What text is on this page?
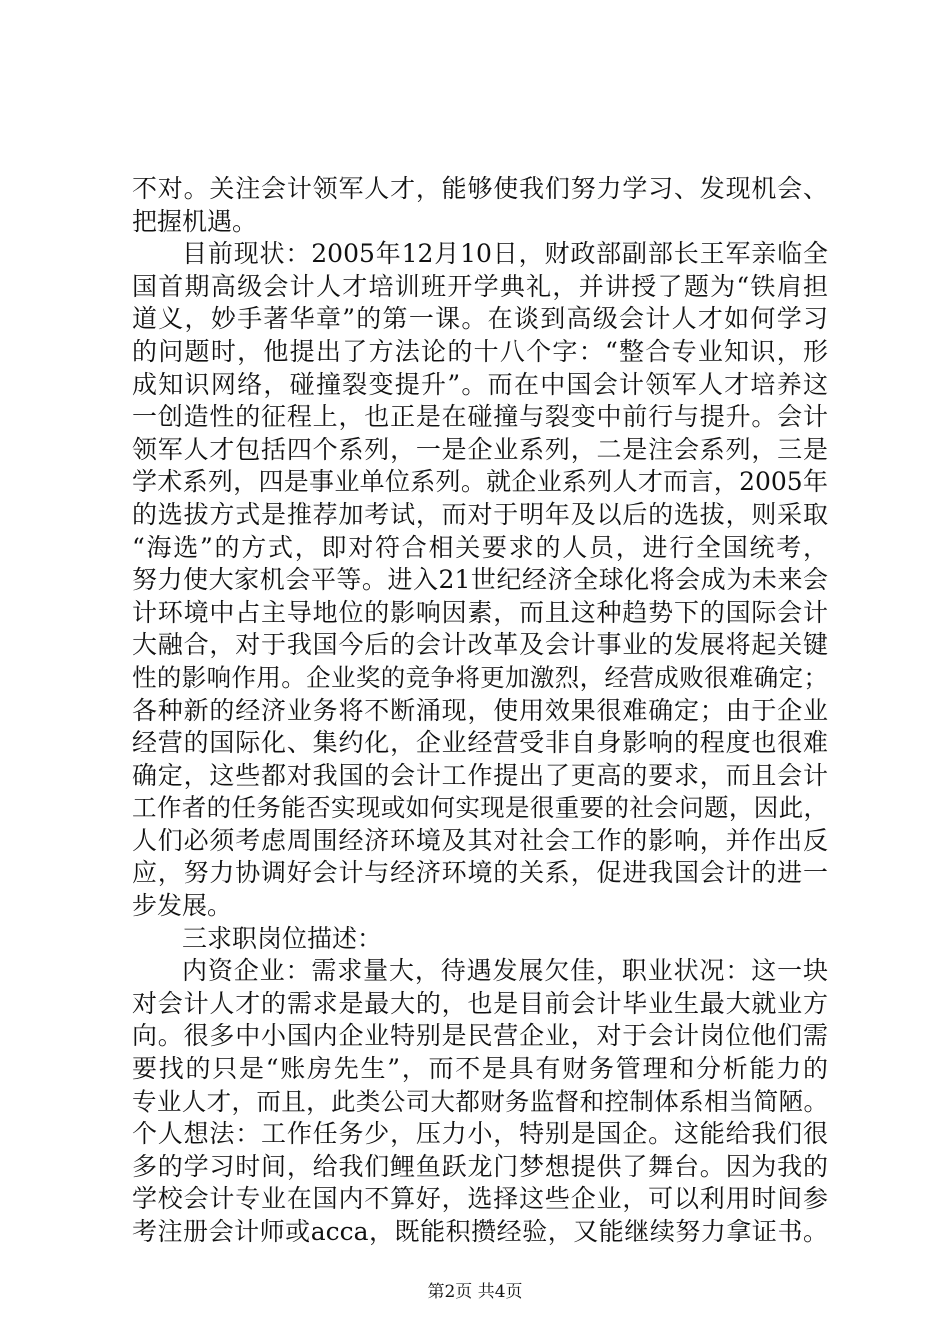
不对。关注会计领军人才，能够使我们努力学习、发现机会、
把握机遇。
目前现状：2005年12月10日，财政部副部长王军亲临全
国首期高级会计人才培训班开学典礼，并讲授了题为“铁肩担
道义，妙手著华章”的第一课。在谈到高级会计人才如何学习
的问题时，他提出了方法论的十八个字：“整合专业知识，形
成知识网络，碰撞裂变提升”。而在中国会计领军人才培养这
一创造性的征程上，也正是在碰撞与裂变中前行与提升。会计
领军人才包括四个系列，一是企业系列，二是注会系列，三是
学术系列，四是事业单位系列。就企业系列人才而言，2005年
的选拔方式是推荐加考试，而对于明年及以后的选拔，则采取
“海选”的方式，即对符合相关要求的人员，进行全国统考，
努力使大家机会平等。进入21世纪经济全球化将会成为未来会
计环境中占主导地位的影响因素，而且这种趋势下的国际会计
大融合，对于我国今后的会计改革及会计事业的发展将起关键
性的影响作用。企业奖的竞争将更加激烈，经营成败很难确定；
各种新的经济业务将不断涌现，使用效果很难确定；由于企业
经营的国际化、集约化，企业经营受非自身影响的程度也很难
确定，这些都对我国的会计工作提出了更高的要求，而且会计
工作者的任务能否实现或如何实现是很重要的社会问题，因此，
人们必须考虑周围经济环境及其对社会工作的影响，并作出反
应，努力协调好会计与经济环境的关系，促进我国会计的进一
步发展。
三求职岗位描述：
内资企业：需求量大，待遇发展欠佳，职业状况：这一块
对会计人才的需求是最大的，也是目前会计毕业生最大就业方
向。很多中小国内企业特别是民营企业，对于会计岗位他们需
要找的只是“账房先生”，而不是具有财务管理和分析能力的
专业人才，而且，此类公司大都财务监督和控制体系相当简陋。
个人想法：工作任务少，压力小，特别是国企。这能给我们很
多的学习时间，给我们鲤鱼跃龙门梦想提供了舞台。因为我的
学校会计专业在国内不算好，选择这些企业，可以利用时间参
考注册会计师或acca，既能积攒经验，又能继续努力拿证书。
第2页 共4页
